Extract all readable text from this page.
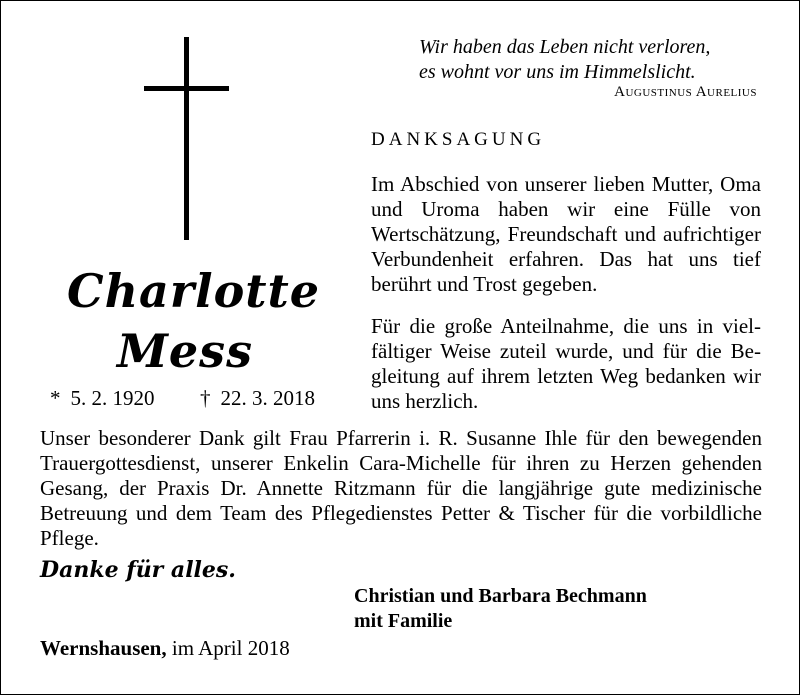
Wir haben das Leben nicht verloren,
es wohnt vor uns im Himmelslicht.
Augustinus Aurelius
DANKSAGUNG
Im Abschied von unserer lieben Mutter, Oma und Uroma haben wir eine Fülle von Wertschätzung, Freundschaft und aufrichtiger Verbundenheit erfahren. Das hat uns tief berührt und Trost gegeben.
Für die große Anteilnahme, die uns in vielfältiger Weise zuteil wurde, und für die Begleitung auf ihrem letzten Weg bedanken wir uns herzlich.
Charlotte
Mess
* 5. 2. 1920 † 22. 3. 2018
Unser besonderer Dank gilt Frau Pfarrerin i. R. Susanne Ihle für den bewegenden Trauergottesdienst, unserer Enkelin Cara-Michelle für ihren zu Herzen gehenden Gesang, der Praxis Dr. Annette Ritzmann für die langjährige gute medizinische Betreuung und dem Team des Pflegedienstes Petter & Tischer für die vorbildliche Pflege.
Danke für alles.
Christian und Barbara Bechmann
mit Familie
Wernshausen, im April 2018
